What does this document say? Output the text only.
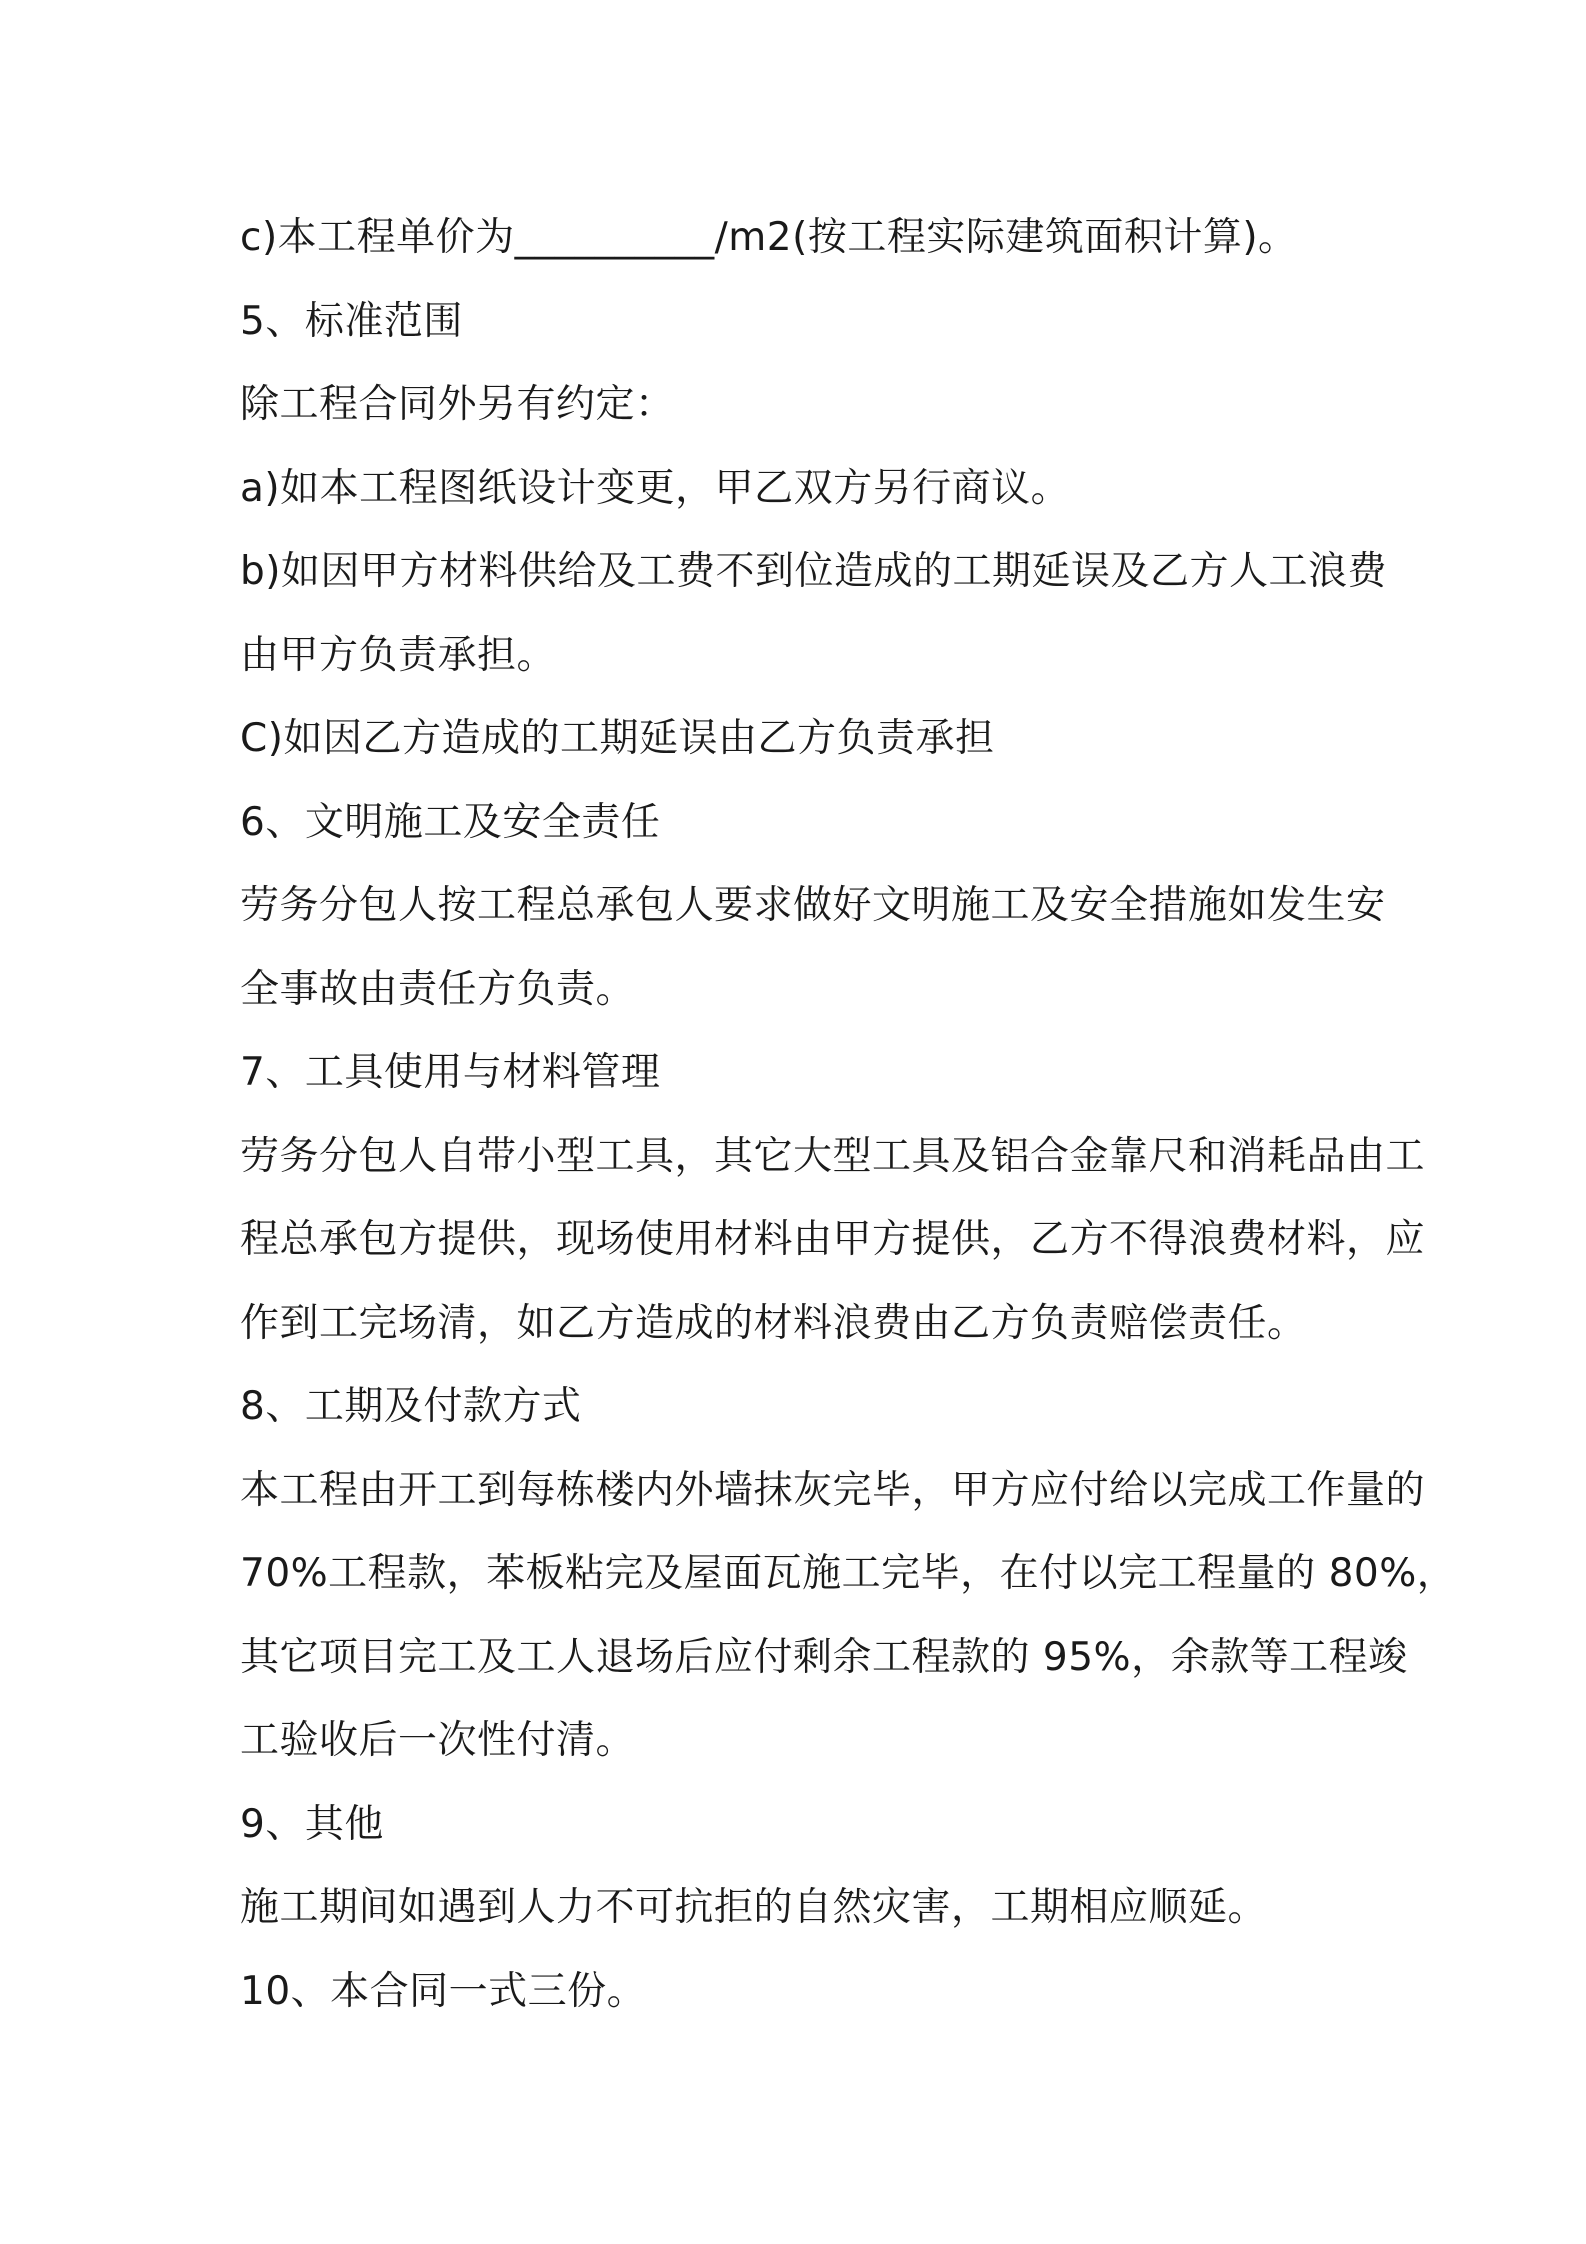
c)本工程单价为__________/m2(按工程实际建筑面积计算)。
5、标准范围
除工程合同外另有约定：
a)如本工程图纸设计变更，甲乙双方另行商议。
b)如因甲方材料供给及工费不到位造成的工期延误及乙方人工浪费
由甲方负责承担。
C)如因乙方造成的工期延误由乙方负责承担
6、文明施工及安全责任
劳务分包人按工程总承包人要求做好文明施工及安全措施如发生安
全事故由责任方负责。
7、工具使用与材料管理
劳务分包人自带小型工具，其它大型工具及铝合金靠尺和消耗品由工
程总承包方提供，现场使用材料由甲方提供，乙方不得浪费材料，应
作到工完场清，如乙方造成的材料浪费由乙方负责赔偿责任。
8、工期及付款方式
本工程由开工到每栋楼内外墙抹灰完毕，甲方应付给以完成工作量的
70%工程款，苯板粘完及屋面瓦施工完毕，在付以完工程量的 80%，
其它项目完工及工人退场后应付剩余工程款的 95%，余款等工程竣
工验收后一次性付清。
9、其他
施工期间如遇到人力不可抗拒的自然灾害，工期相应顺延。
10、本合同一式三份。
